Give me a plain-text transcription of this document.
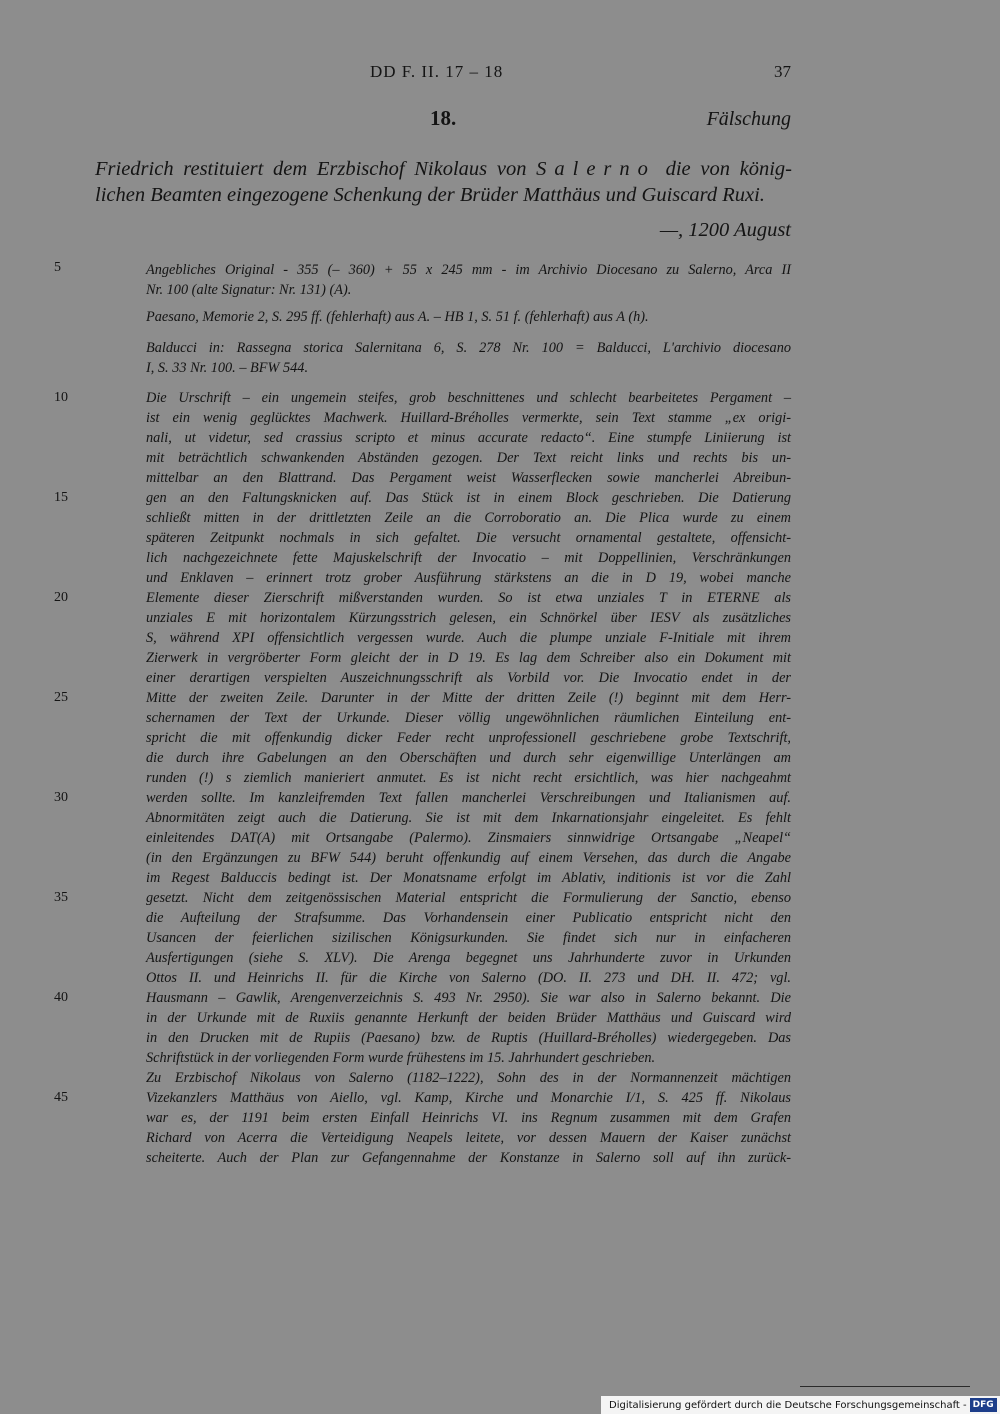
DD F. II. 17 – 18	37
18.	Fälschung

Friedrich restituiert dem Erzbischof Nikolaus von Salerno die von könig-

lichen Beamten eingezogene Schenkung der Brüder Matthäus und Guiscard Ruxi.

—, 1200 August
5
10
15
20
25
30
35
40
45

Angebliches Original - 355 (– 360) + 55 x 245 mm - im Archivio Diocesano zu Salerno, Arca II

Nr. 100 (alte Signatur: Nr. 131) (A).

Paesano, Memorie 2, S. 295 ff. (fehlerhaft) aus A. – HB 1, S. 51 f. (fehlerhaft) aus A (h).

Balducci in: Rassegna storica Salernitana 6, S. 278 Nr. 100 = Balducci, L'archivio diocesano

I, S. 33 Nr. 100. – BFW 544.

Die Urschrift – ein ungemein steifes, grob beschnittenes und schlecht bearbeitetes Pergament –

ist ein wenig geglücktes Machwerk. Huillard-Bréholles vermerkte, sein Text stamme „ex origi-

nali, ut videtur, sed crassius scripto et minus accurate redacto“. Eine stumpfe Liniierung ist

mit beträchtlich schwankenden Abständen gezogen. Der Text reicht links und rechts bis un-

mittelbar an den Blattrand. Das Pergament weist Wasserflecken sowie mancherlei Abreibun-

gen an den Faltungsknicken auf. Das Stück ist in einem Block geschrieben. Die Datierung

schließt mitten in der drittletzten Zeile an die Corroboratio an. Die Plica wurde zu einem

späteren Zeitpunkt nochmals in sich gefaltet. Die versucht ornamental gestaltete, offensicht-

lich nachgezeichnete fette Majuskelschrift der Invocatio – mit Doppellinien, Verschränkungen

und Enklaven – erinnert trotz grober Ausführung stärkstens an die in D 19, wobei manche

Elemente dieser Zierschrift mißverstanden wurden. So ist etwa unziales T in ETERNE als

unziales E mit horizontalem Kürzungsstrich gelesen, ein Schnörkel über IESV als zusätzliches

S, während XPI offensichtlich vergessen wurde. Auch die plumpe unziale F-Initiale mit ihrem

Zierwerk in vergröberter Form gleicht der in D 19. Es lag dem Schreiber also ein Dokument mit

einer derartigen verspielten Auszeichnungsschrift als Vorbild vor. Die Invocatio endet in der

Mitte der zweiten Zeile. Darunter in der Mitte der dritten Zeile (!) beginnt mit dem Herr-

schernamen der Text der Urkunde. Dieser völlig ungewöhnlichen räumlichen Einteilung ent-

spricht die mit offenkundig dicker Feder recht unprofessionell geschriebene grobe Textschrift,

die durch ihre Gabelungen an den Oberschäften und durch sehr eigenwillige Unterlängen am

runden (!) s ziemlich manieriert anmutet. Es ist nicht recht ersichtlich, was hier nachgeahmt

werden sollte. Im kanzleifremden Text fallen mancherlei Verschreibungen und Italianismen auf.

Abnormitäten zeigt auch die Datierung. Sie ist mit dem Inkarnationsjahr eingeleitet. Es fehlt

einleitendes DAT(A) mit Ortsangabe (Palermo). Zinsmaiers sinnwidrige Ortsangabe „Neapel“

(in den Ergänzungen zu BFW 544) beruht offenkundig auf einem Versehen, das durch die Angabe

im Regest Balduccis bedingt ist. Der Monatsname erfolgt im Ablativ, inditionis ist vor die Zahl

gesetzt. Nicht dem zeitgenössischen Material entspricht die Formulierung der Sanctio, ebenso

die Aufteilung der Strafsumme. Das Vorhandensein einer Publicatio entspricht nicht den

Usancen der feierlichen sizilischen Königsurkunden. Sie findet sich nur in einfacheren

Ausfertigungen (siehe S. XLV). Die Arenga begegnet uns Jahrhunderte zuvor in Urkunden

Ottos II. und Heinrichs II. für die Kirche von Salerno (DO. II. 273 und DH. II. 472; vgl.

Hausmann – Gawlik, Arengenverzeichnis S. 493 Nr. 2950). Sie war also in Salerno bekannt. Die

in der Urkunde mit de Ruxiis genannte Herkunft der beiden Brüder Matthäus und Guiscard wird

in den Drucken mit de Rupiis (Paesano) bzw. de Ruptis (Huillard-Bréholles) wiedergegeben. Das

Schriftstück in der vorliegenden Form wurde frühestens im 15. Jahrhundert geschrieben.

Zu Erzbischof Nikolaus von Salerno (1182–1222), Sohn des in der Normannenzeit mächtigen

Vizekanzlers Matthäus von Aiello, vgl. Kamp, Kirche und Monarchie I/1, S. 425 ff. Nikolaus

war es, der 1191 beim ersten Einfall Heinrichs VI. ins Regnum zusammen mit dem Grafen

Richard von Acerra die Verteidigung Neapels leitete, vor dessen Mauern der Kaiser zunächst

scheiterte. Auch der Plan zur Gefangennahme der Konstanze in Salerno soll auf ihn zurück-

Digitalisierung gefördert durch die Deutsche Forschungsgemeinschaft - DFG
